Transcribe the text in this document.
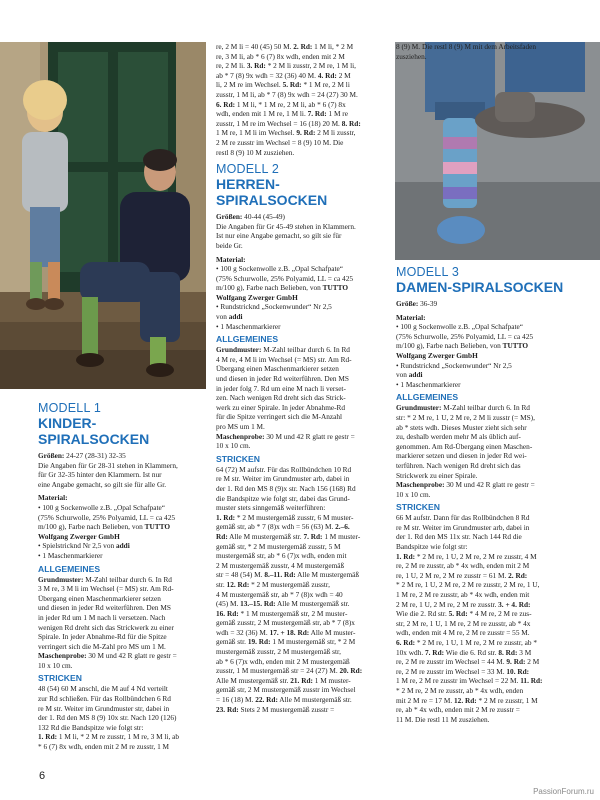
MODELL 1
KINDER-SPIRALSOCKEN
Größen: 24-27 (28-31) 32-35
Die Angaben für Gr 28-31 stehen in Klammern,
für Gr 32-35 hinter den Klammern. Ist nur
eine Angabe gemacht, so gilt sie für alle Gr.
Material:
• 100 g Sockenwolle z.B. „Opal Schafpate“
(75% Schurwolle, 25% Polyamid, LL = ca 425
m/100 g), Farbe nach Belieben, von TUTTO
Wolfgang Zwerger GmbH
• Spielstricknd Nr 2,5 von addi
• 1 Maschenmarkierer
ALLGEMEINES
Grundmuster: M-Zahl teilbar durch 6. In Rd
3 M re, 3 M li im Wechsel (= MS) str. Am Rd-
Übergang einen Maschenmarkierer setzen
und diesen in jeder Rd weiterführen. Den MS
in jeder Rd um 1 M nach li versetzen. Nach
wenigen Rd dreht sich das Strickwerk zu einer
Spirale. In jeder Abnahme-Rd für die Spitze
verringert sich die M-Zahl pro MS um 1 M.
Maschenprobe: 30 M und 42 R glatt re gestr =
10 x 10 cm.
STRICKEN
48 (54) 60 M anschl, die M auf 4 Nd verteilt
zur Rd schließen. Für das Rollbündchen 6 Rd
re M str. Weiter im Grundmuster str, dabei in
der 1. Rd den MS 8 (9) 10x str. Nach 120 (126)
132 Rd die Bandspitze wie folgt str:
1. Rd: 1 M li, * 2 M re zusstr, 1 M re, 3 M li, ab
* 6 (7) 8x wdh, enden mit 2 M re zusstr, 1 M
re, 2 M li = 40 (45) 50 M. 2. Rd: 1 M li, * 2 M
re, 3 M li, ab * 6 (7) 8x wdh, enden mit 2 M
re, 2 M li. 3. Rd: * 2 M li zusstr, 2 M re, 1 M li,
ab * 7 (8) 9x wdh = 32 (36) 40 M. 4. Rd: 2 M
li, 2 M re im Wechsel. 5. Rd: * 1 M re, 2 M li
zusstr, 1 M li, ab * 7 (8) 9x wdh = 24 (27) 30 M.
6. Rd: 1 M li, * 1 M re, 2 M li, ab * 6 (7) 8x
wdh, enden mit 1 M re, 1 M li. 7. Rd: 1 M re
zusstr, 1 M re im Wechsel = 16 (18) 20 M. 8. Rd:
1 M re, 1 M li im Wechsel. 9. Rd: 2 M li zusstr,
2 M re zusstr im Wechsel = 8 (9) 10 M. Die
restl 8 (9) 10 M zusziehen.
MODELL 2
HERREN-SPIRALSOCKEN
Größen: 40-44 (45-49)
Die Angaben für Gr 45-49 stehen in Klammern.
Ist nur eine Angabe gemacht, so gilt sie für
beide Gr.
Material:
• 100 g Sockenwolle z.B. „Opal Schafpate“
(75% Schurwolle, 25% Polyamid, LL = ca 425
m/100 g), Farbe nach Belieben, von TUTTO
Wolfgang Zwerger GmbH
• Rundstricknd „Sockenwunder“ Nr 2,5
von addi
• 1 Maschenmarkierer
ALLGEMEINES
Grundmuster: M-Zahl teilbar durch 6. In Rd
4 M re, 4 M li im Wechsel (= MS) str. Am Rd-
Übergang einen Maschenmarkierer setzen
und diesen in jeder Rd weiterführen. Den MS
in jeder folg 7. Rd um eine M nach li verset-
zen. Nach wenigen Rd dreht sich das Strick-
werk zu einer Spirale. In jeder Abnahme-Rd
für die Spitze verringert sich die M-Anzahl
pro MS um 1 M.
Maschenprobe: 30 M und 42 R glatt re gestr =
10 x 10 cm.
STRICKEN
64 (72) M aufstr. Für das Rollbündchen 10 Rd
re M str. Weiter im Grundmuster arb, dabei in
der 1. Rd den MS 8 (9)x str. Nach 156 (168) Rd
die Bandspitze wie folgt str, dabei das Grund-
muster stets sinngemäß weiterführen:
1. Rd: * 2 M mustergemäß zusstr, 6 M muster-
gemäß str, ab * 7 (8)x wdh = 56 (63) M. 2.–6.
Rd: Alle M mustergemäß str. 7. Rd: 1 M muster-
gemäß str, * 2 M mustergemäß zusstr, 5 M
mustergemäß str, ab * 6 (7)x wdh, enden mit
2 M mustergemäß zusstr, 4 M mustergemäß
str = 48 (54) M. 8.–11. Rd: Alle M mustergemäß
str. 12. Rd: * 2 M mustergemäß zusstr,
4 M mustergemäß str, ab * 7 (8)x wdh = 40
(45) M. 13.–15. Rd: Alle M mustergemäß str.
16. Rd: * 1 M mustergemäß str, 2 M muster-
gemäß zusstr, 2 M mustergemäß str, ab * 7 (8)x
wdh = 32 (36) M. 17. + 18. Rd: Alle M muster-
gemäß str. 19. Rd: 1 M mustergemäß str, * 2 M
mustergemäß zusstr, 2 M mustergemäß str,
ab * 6 (7)x wdh, enden mit 2 M mustergemäß
zusstr, 1 M mustergemäß str = 24 (27) M. 20. Rd:
Alle M mustergemäß str. 21. Rd: 1 M muster-
gemäß str, 2 M mustergemäß zusstr im Wechsel
= 16 (18) M. 22. Rd: Alle M mustergemäß str.
23. Rd: Stets 2 M mustergemäß zusstr =
8 (9) M. Die restl 8 (9) M mit dem Arbeitsfaden
zusziehen.
MODELL 3
DAMEN-SPIRALSOCKEN
Größe: 36-39
Material:
• 100 g Sockenwolle z.B. „Opal Schafpate“
(75% Schurwolle, 25% Polyamid, LL = ca 425
m/100 g), Farbe nach Belieben, von TUTTO
Wolfgang Zwerger GmbH
• Rundstricknd „Sockenwunder“ Nr 2,5
von addi
• 1 Maschenmarkierer
ALLGEMEINES
Grundmuster: M-Zahl teilbar durch 6. In Rd
str: * 2 M re, 1 U, 2 M re, 2 M li zusstr (= MS),
ab * stets wdh. Dieses Muster zieht sich sehr
zu, deshalb werden mehr M als üblich auf-
genommen. Am Rd-Übergang einen Maschen-
markierer setzen und diesen in jeder Rd wei-
terführen. Nach wenigen Rd dreht sich das
Strickwerk zu einer Spirale.
Maschenprobe: 30 M und 42 R glatt re gestr =
10 x 10 cm.
STRICKEN
66 M aufstr. Dann für das Rollbündchen 8 Rd
re M str. Weiter im Grundmuster arb, dabei in
der 1. Rd den MS 11x str. Nach 144 Rd die
Bandspitze wie folgt str:
1. Rd: * 2 M re, 1 U, 2 M re, 2 M re zusstr, 4 M
re, 2 M re zusstr, ab * 4x wdh, enden mit 2 M
re, 1 U, 2 M re, 2 M re zusstr = 61 M. 2. Rd:
* 2 M re, 1 U, 2 M re, 2 M re zusstr, 2 M re, 1 U,
1 M re, 2 M re zusstr, ab * 4x wdh, enden mit
2 M re, 1 U, 2 M re, 2 M re zusstr. 3. + 4. Rd:
Wie die 2. Rd str. 5. Rd: * 4 M re, 2 M re zus-
str, 2 M re, 1 U, 1 M re, 2 M re zusstr, ab * 4x
wdh, enden mit 4 M re, 2 M re zusstr = 55 M.
6. Rd: * 2 M re, 1 U, 1 M re, 2 M re zusstr, ab *
10x wdh. 7. Rd: Wie die 6. Rd str. 8. Rd: 3 M
re, 2 M re zusstr im Wechsel = 44 M. 9. Rd: 2 M
re, 2 M re zusstr im Wechsel = 33 M. 10. Rd:
1 M re, 2 M re zusstr im Wechsel = 22 M. 11. Rd:
* 2 M re, 2 M re zusstr, ab * 4x wdh, enden
mit 2 M re = 17 M. 12. Rd: * 2 M re zusstr, 1 M
re, ab * 4x wdh, enden mit 2 M re zusstr =
11 M. Die restl 11 M zusziehen.
6
PassionForum.ru
